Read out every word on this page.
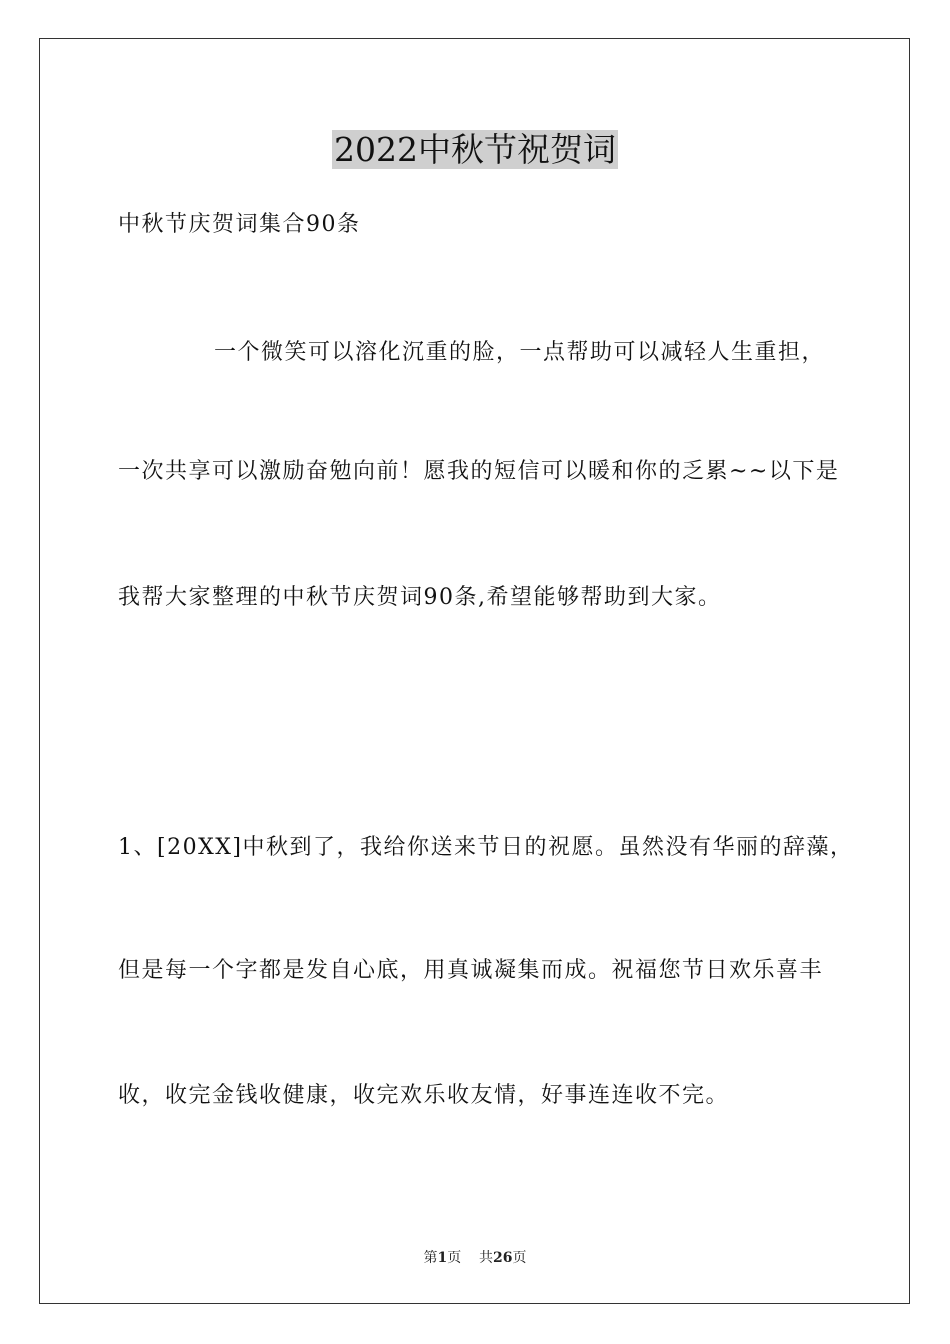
2022中秋节祝贺词

中秋节庆贺词集合90条

一个微笑可以溶化沉重的脸，一点帮助可以减轻人生重担，

一次共享可以激励奋勉向前！愿我的短信可以暖和你的乏累~~以下是

我帮大家整理的中秋节庆贺词90条,希望能够帮助到大家。

1、[20XX]中秋到了，我给你送来节日的祝愿。虽然没有华丽的辞藻，

但是每一个字都是发自心底，用真诚凝集而成。祝福您节日欢乐喜丰

收，收完金钱收健康，收完欢乐收友情，好事连连收不完。

第1页 共26页
